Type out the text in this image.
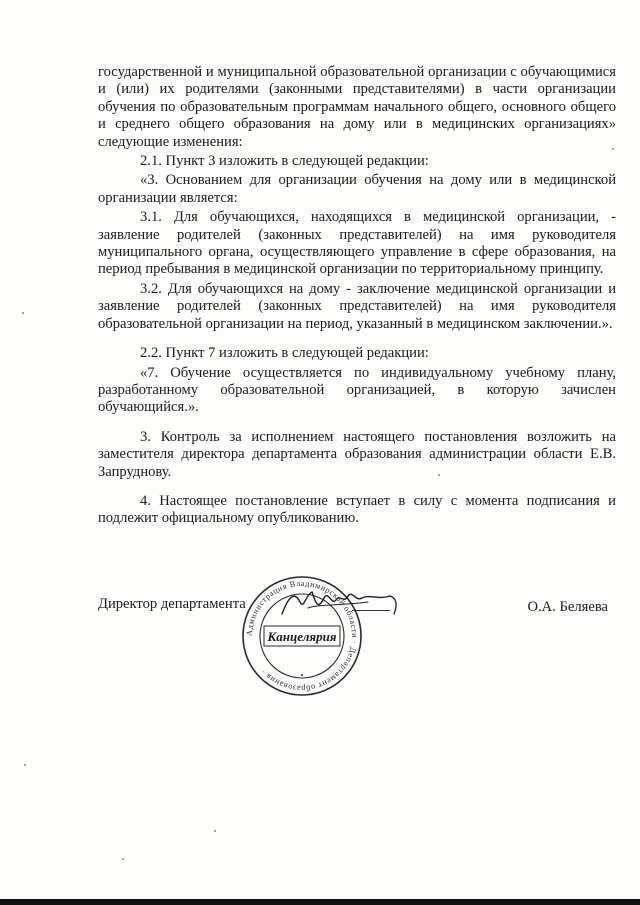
государственной и муниципальной образовательной организации с обучающимися и (или) их родителями (законными представителями) в части организации обучения по образовательным программам начального общего, основного общего и среднего общего образования на дому или в медицинских организациях» следующие изменения:

2.1. Пункт 3 изложить в следующей редакции:

«3. Основанием для организации обучения на дому или в медицинской организации является:

3.1. Для обучающихся, находящихся в медицинской организации, - заявление родителей (законных представителей) на имя руководителя муниципального органа, осуществляющего управление в сфере образования, на период пребывания в медицинской организации по территориальному принципу.

3.2. Для обучающихся на дому - заключение медицинской организации и заявление родителей (законных представителей) на имя руководителя образовательной организации на период, указанный в медицинском заключении.».

2.2. Пункт 7 изложить в следующей редакции:

«7. Обучение осуществляется по индивидуальному учебному плану, разработанному образовательной организацией, в которую зачислен обучающийся.».

3. Контроль за исполнением настоящего постановления возложить на заместителя директора департамента образования администрации области Е.В. Запруднову.

4. Настоящее постановление вступает в силу с момента подписания и подлежит официальному опубликованию.

Директор департамента	О.А. Беляева
Администрация Владимирской области · Департамент образования ·
Канцелярия
•
